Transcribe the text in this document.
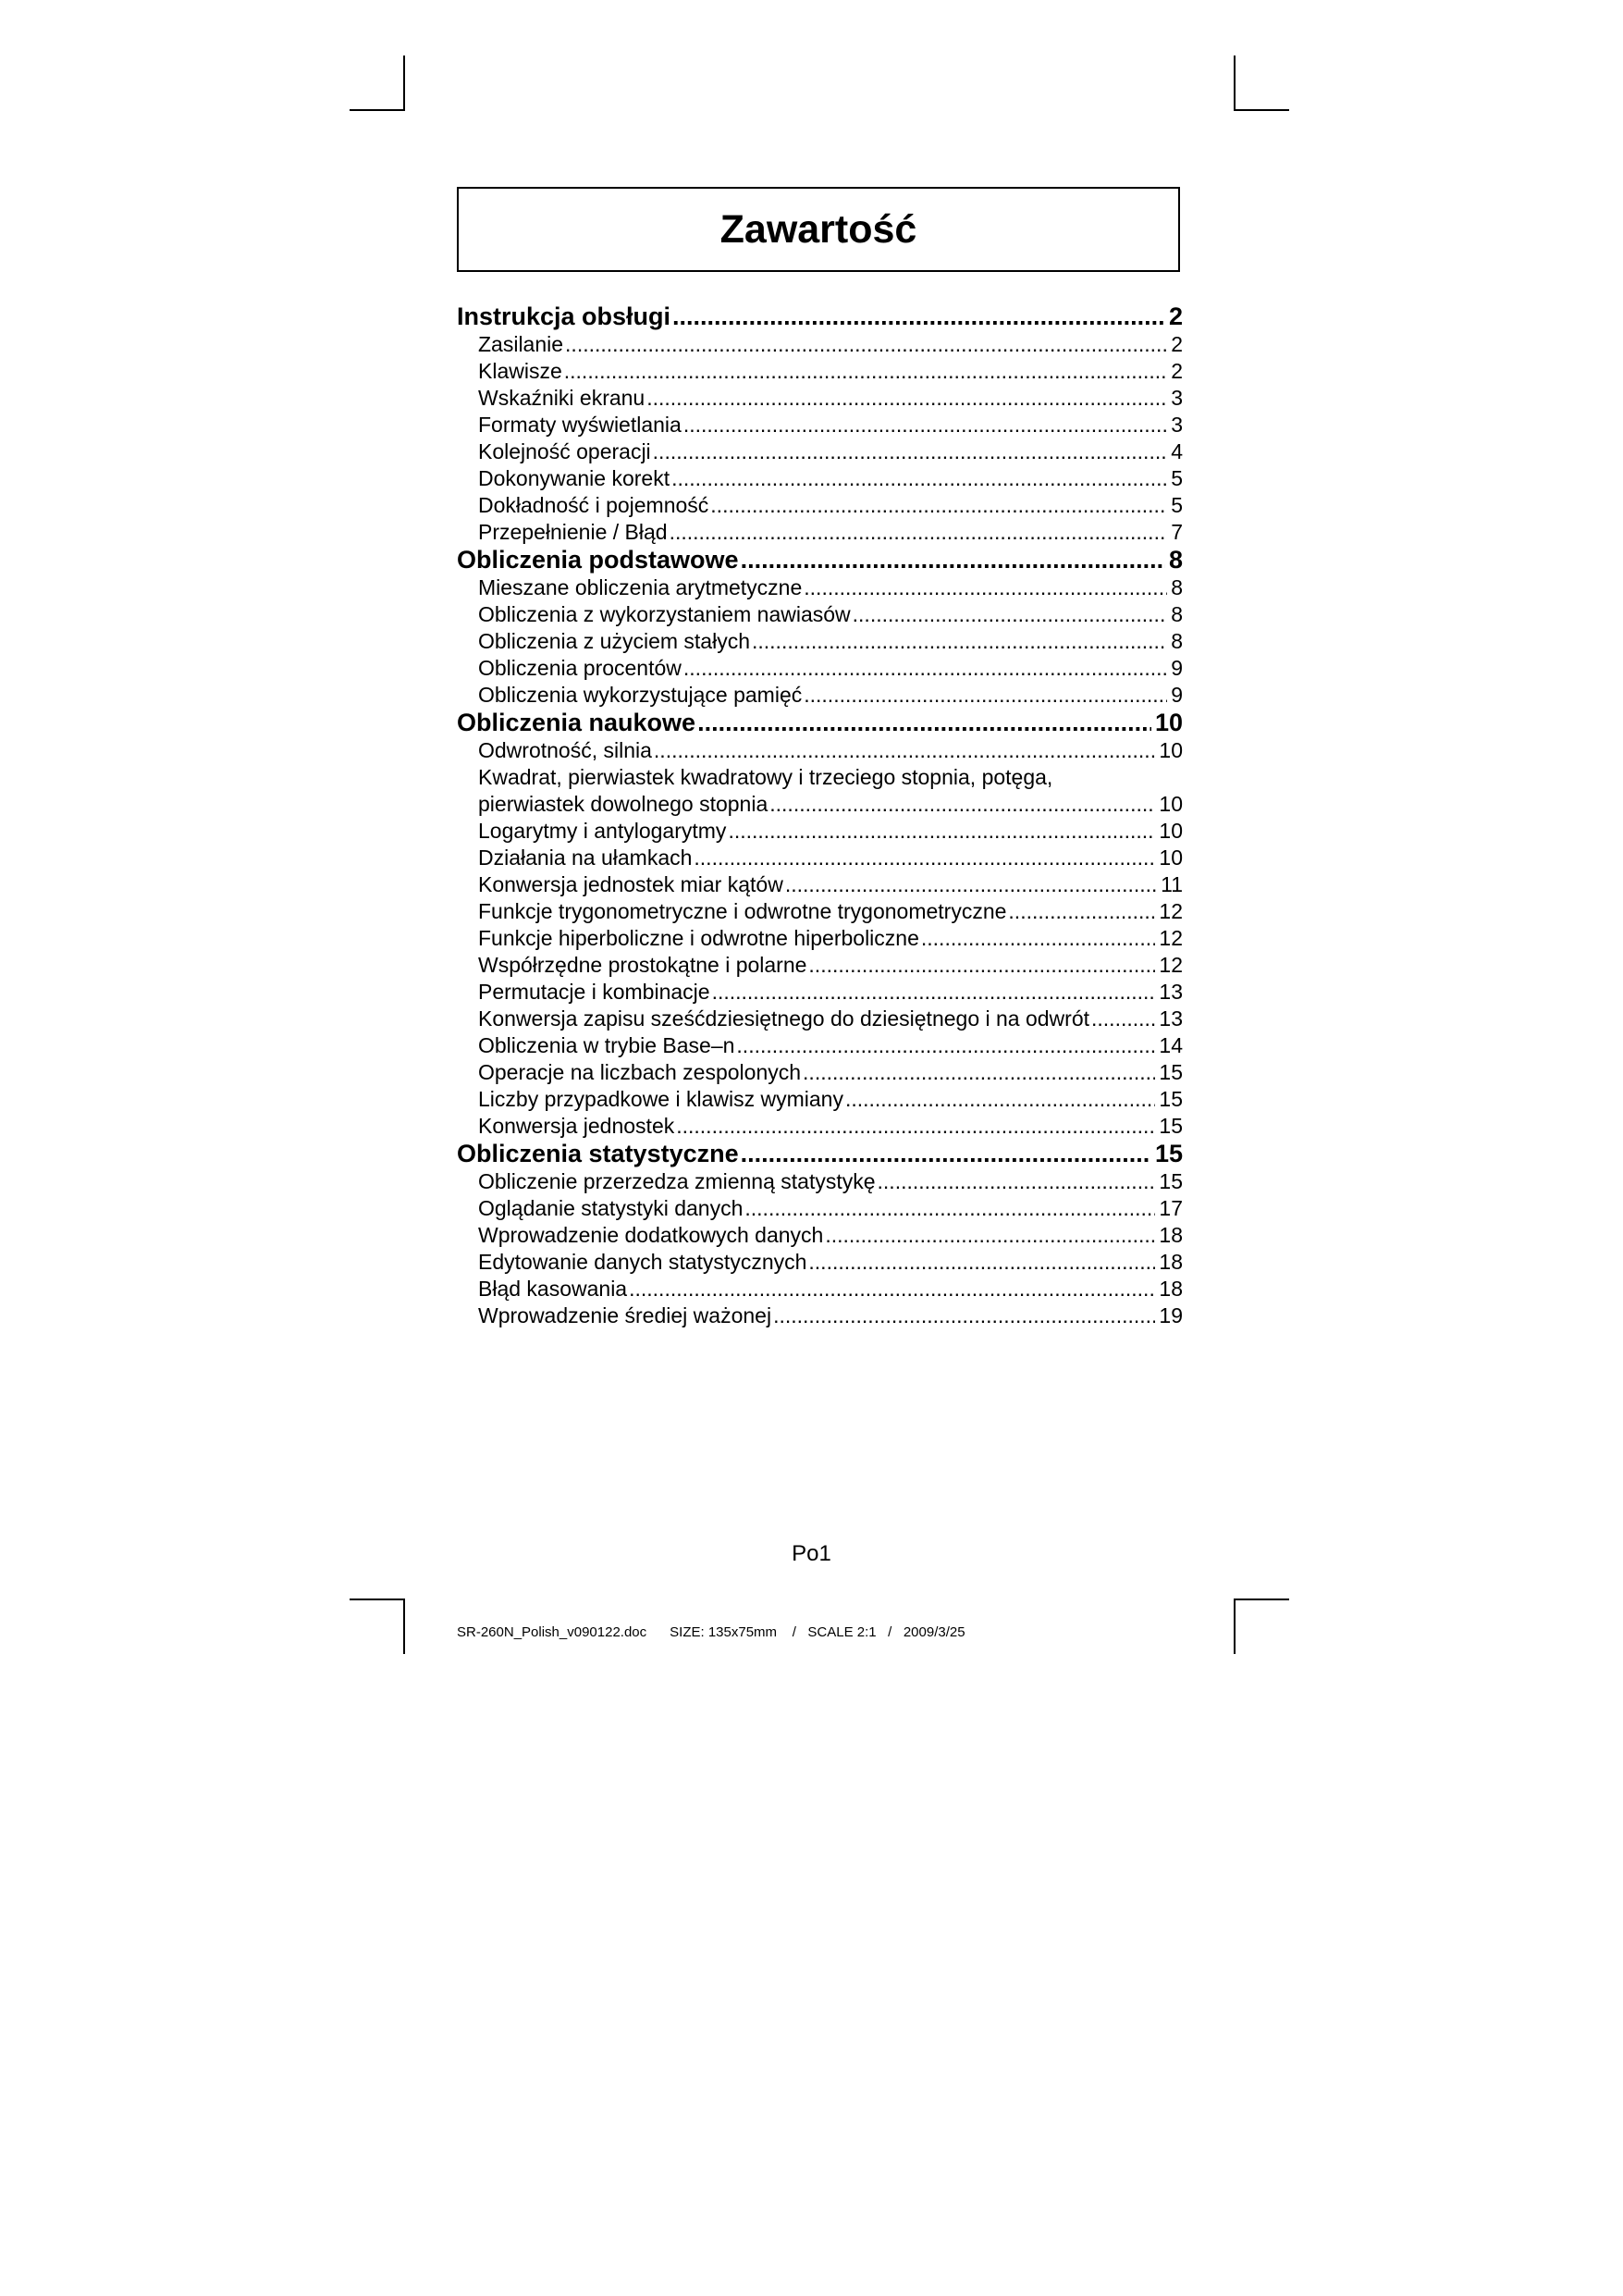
Zawartość
Instrukcja obsługi .....	2
Zasilanie .....	2
Klawisze .....	2
Wskaźniki ekranu .....	3
Formaty wyświetlania .....	3
Kolejność operacji .....	4
Dokonywanie korekt .....	5
Dokładność i pojemność .....	5
Przepełnienie / Błąd .....	7
Obliczenia podstawowe .....	8
Mieszane obliczenia arytmetyczne .....	8
Obliczenia z wykorzystaniem nawiasów .....	8
Obliczenia z użyciem stałych .....	8
Obliczenia procentów .....	9
Obliczenia wykorzystujące pamięć .....	9
Obliczenia naukowe .....	10
Odwrotność, silnia .....	10
Kwadrat, pierwiastek kwadratowy i trzeciego stopnia, potęga,
pierwiastek dowolnego stopnia .....	10
Logarytmy i antylogarytmy .....	10
Działania na ułamkach .....	10
Konwersja jednostek miar kątów .....	11
Funkcje trygonometryczne i odwrotne trygonometryczne .....	12
Funkcje hiperboliczne i odwrotne hiperboliczne .....	12
Współrzędne prostokątne i polarne .....	12
Permutacje i kombinacje .....	13
Konwersja zapisu sześćdziesiętnego do dziesiętnego i na odwrót .....	13
Obliczenia w trybie Base–n .....	14
Operacje na liczbach zespolonych .....	15
Liczby przypadkowe i klawisz wymiany .....	15
Konwersja jednostek .....	15
Obliczenia statystyczne .....	15
Obliczenie przerzedza zmienną statystykę .....	15
Oglądanie statystyki danych .....	17
Wprowadzenie dodatkowych danych .....	18
Edytowanie danych statystycznych .....	18
Błąd kasowania .....	18
Wprowadzenie średiej ważonej .....	19
Po1
SR-260N_Polish_v090122.doc SIZE: 135x75mm / SCALE 2:1 / 2009/3/25
